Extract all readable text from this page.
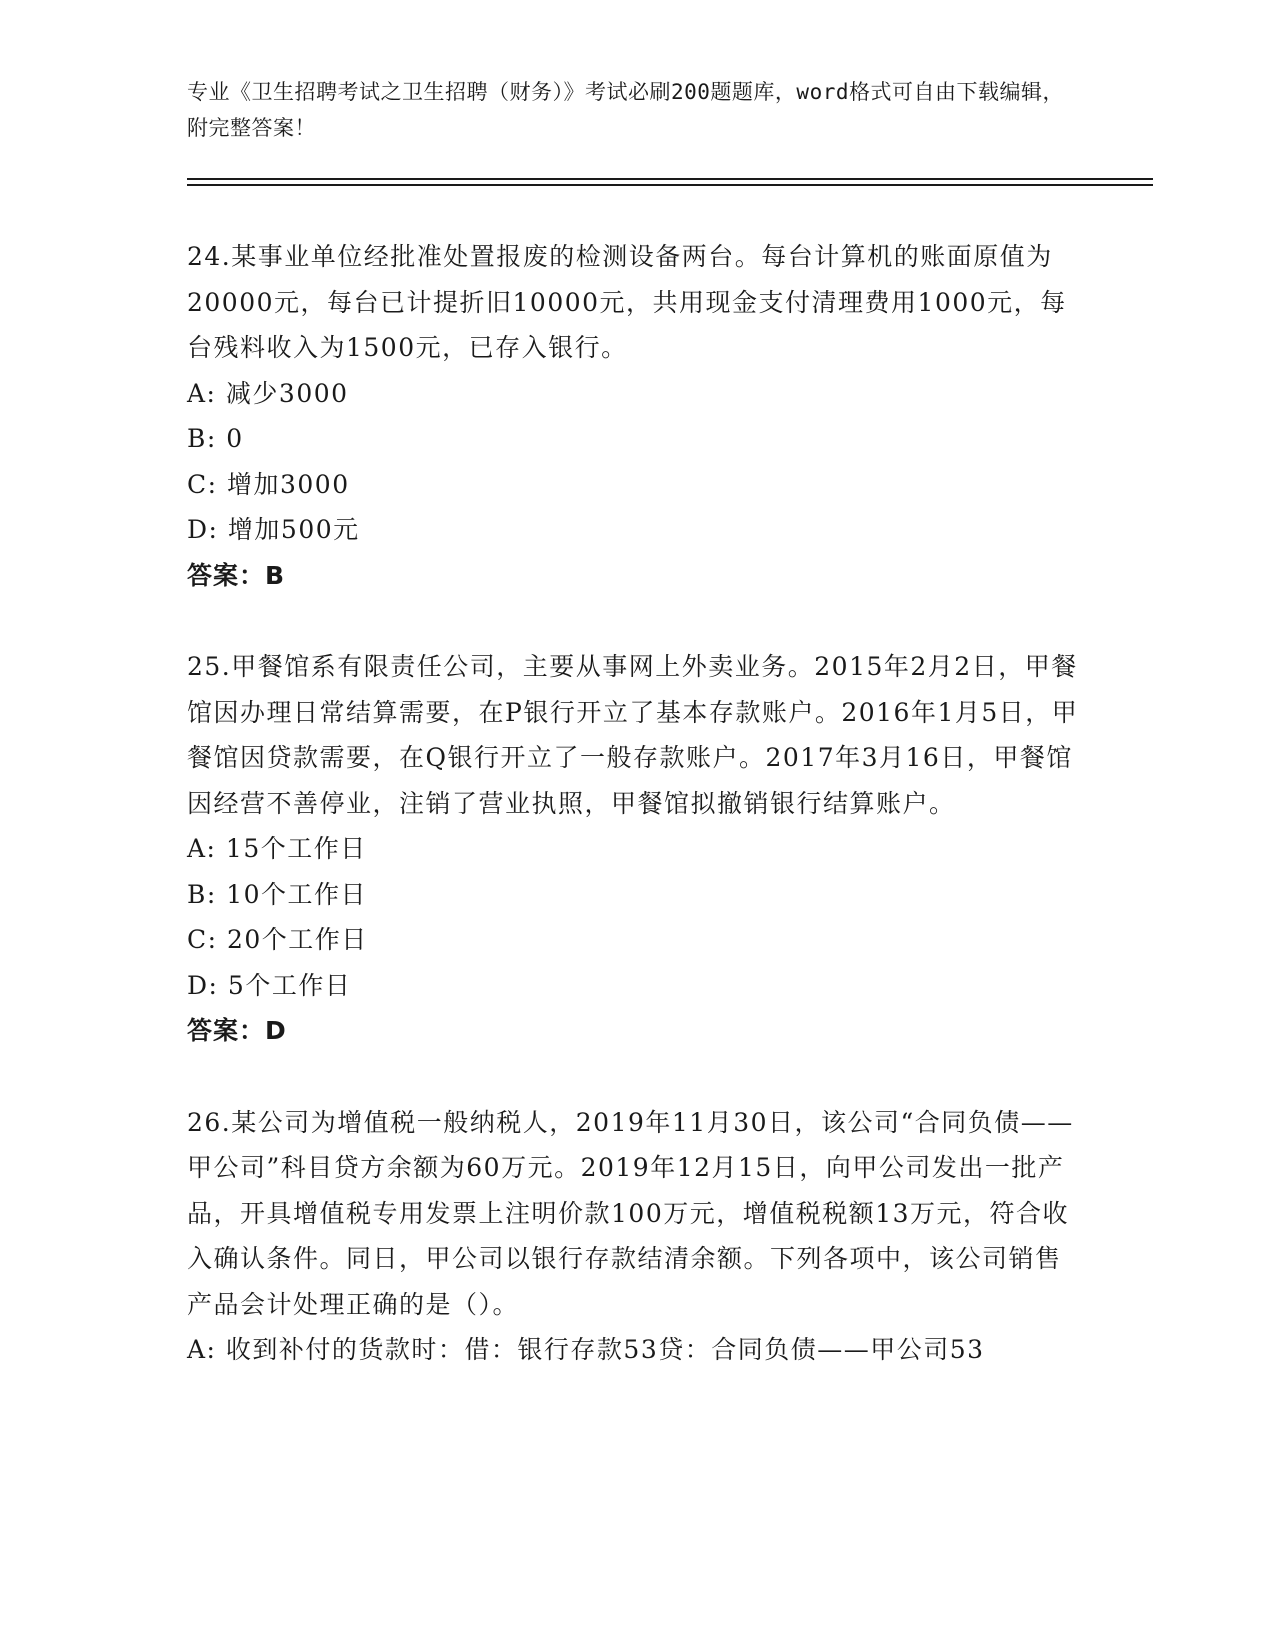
专业《卫生招聘考试之卫生招聘（财务）》考试必刷200题题库，word格式可自由下载编辑，附完整答案！

24.某事业单位经批准处置报废的检测设备两台。每台计算机的账面原值为20000元，每台已计提折旧10000元，共用现金支付清理费用1000元，每台残料收入为1500元，已存入银行。

A: 减少3000
B: 0
C: 增加3000
D: 增加500元
答案：B

25.甲餐馆系有限责任公司，主要从事网上外卖业务。2015年2月2日，甲餐馆因办理日常结算需要，在P银行开立了基本存款账户。2016年1月5日，甲餐馆因贷款需要，在Q银行开立了一般存款账户。2017年3月16日，甲餐馆因经营不善停业，注销了营业执照，甲餐馆拟撤销银行结算账户。

A: 15个工作日
B: 10个工作日
C: 20个工作日
D: 5个工作日
答案：D

26.某公司为增值税一般纳税人，2019年11月30日，该公司“合同负债——甲公司”科目贷方余额为60万元。2019年12月15日，向甲公司发出一批产品，开具增值税专用发票上注明价款100万元，增值税税额13万元，符合收入确认条件。同日，甲公司以银行存款结清余额。下列各项中，该公司销售产品会计处理正确的是（）。

A: 收到补付的货款时：借：银行存款53贷：合同负债——甲公司53
